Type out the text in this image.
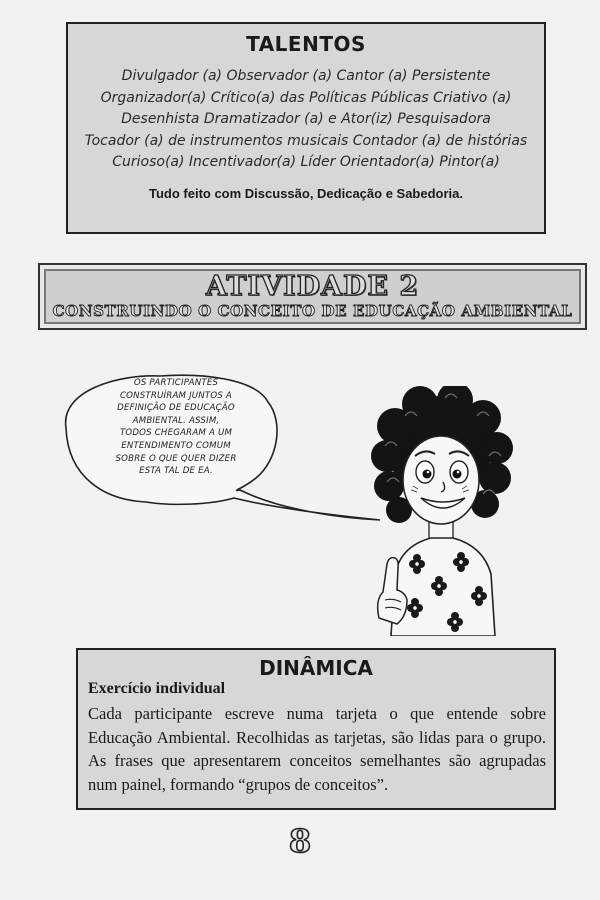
TALENTOS
Divulgador (a) Observador (a) Cantor (a) Persistente
Organizador(a) Crítico(a) das Políticas Públicas Criativo (a)
Desenhista Dramatizador (a) e Ator(iz) Pesquisadora
Tocador (a) de instrumentos musicais Contador (a) de histórias
Curioso(a) Incentivador(a) Líder Orientador(a) Pintor(a)
Tudo feito com Discussão, Dedicação e Sabedoria.
ATIVIDADE 2
CONSTRUINDO O CONCEITO DE EDUCAÇÃO AMBIENTAL
OS PARTICIPANTES
CONSTRUÍRAM JUNTOS A
DEFINIÇÃO DE EDUCAÇÃO
AMBIENTAL. ASSIM,
TODOS CHEGARAM A UM
ENTENDIMENTO COMUM
SOBRE O QUE QUER DIZER
ESTA TAL DE EA.
DINÂMICA
Exercício individual
Cada participante escreve numa tarjeta o que entende sobre Educação Ambiental. Recolhidas as tarjetas, são lidas para o grupo. As frases que apresentarem conceitos semelhantes são agrupadas num painel, formando “grupos de conceitos”.
8
